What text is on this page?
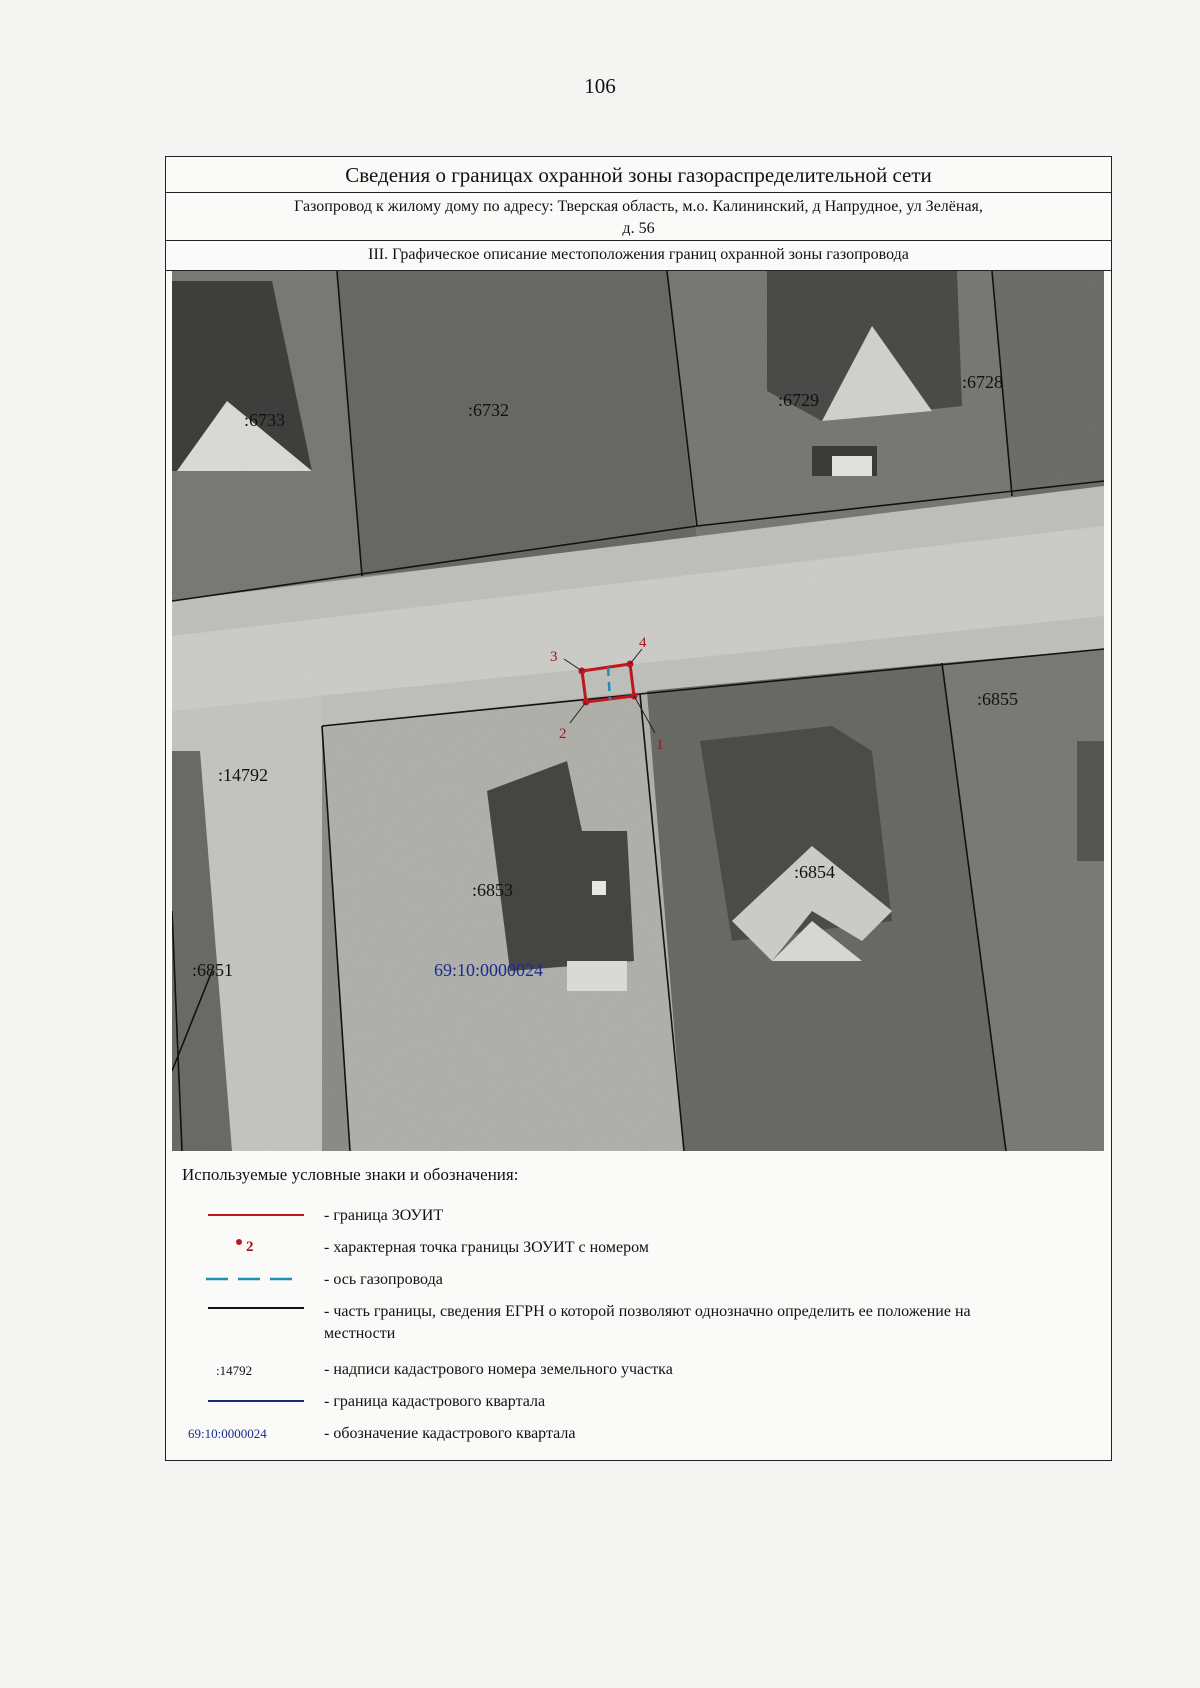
106
Сведения о границах охранной зоны газораспределительной сети
Газопровод к жилому дому по адресу: Тверская область, м.о. Калининский, д Напрудное, ул Зелёная,
д. 56
III. Графическое описание местоположения границ охранной зоны газопровода
1
2
3
4
:6733	:6732	:6729
:6728
:6855
:14792
:6853
:6854
:6851	69:10:0000024
Используемые условные знаки и обозначения:
- граница ЗОУИТ
2	- характерная точка границы ЗОУИТ с номером
- ось газопровода
- часть границы, сведения ЕГРН о которой позволяют однозначно определить ее положение на местности
:14792	- надписи кадастрового номера земельного участка
- граница кадастрового квартала
69:10:0000024	- обозначение кадастрового квартала
